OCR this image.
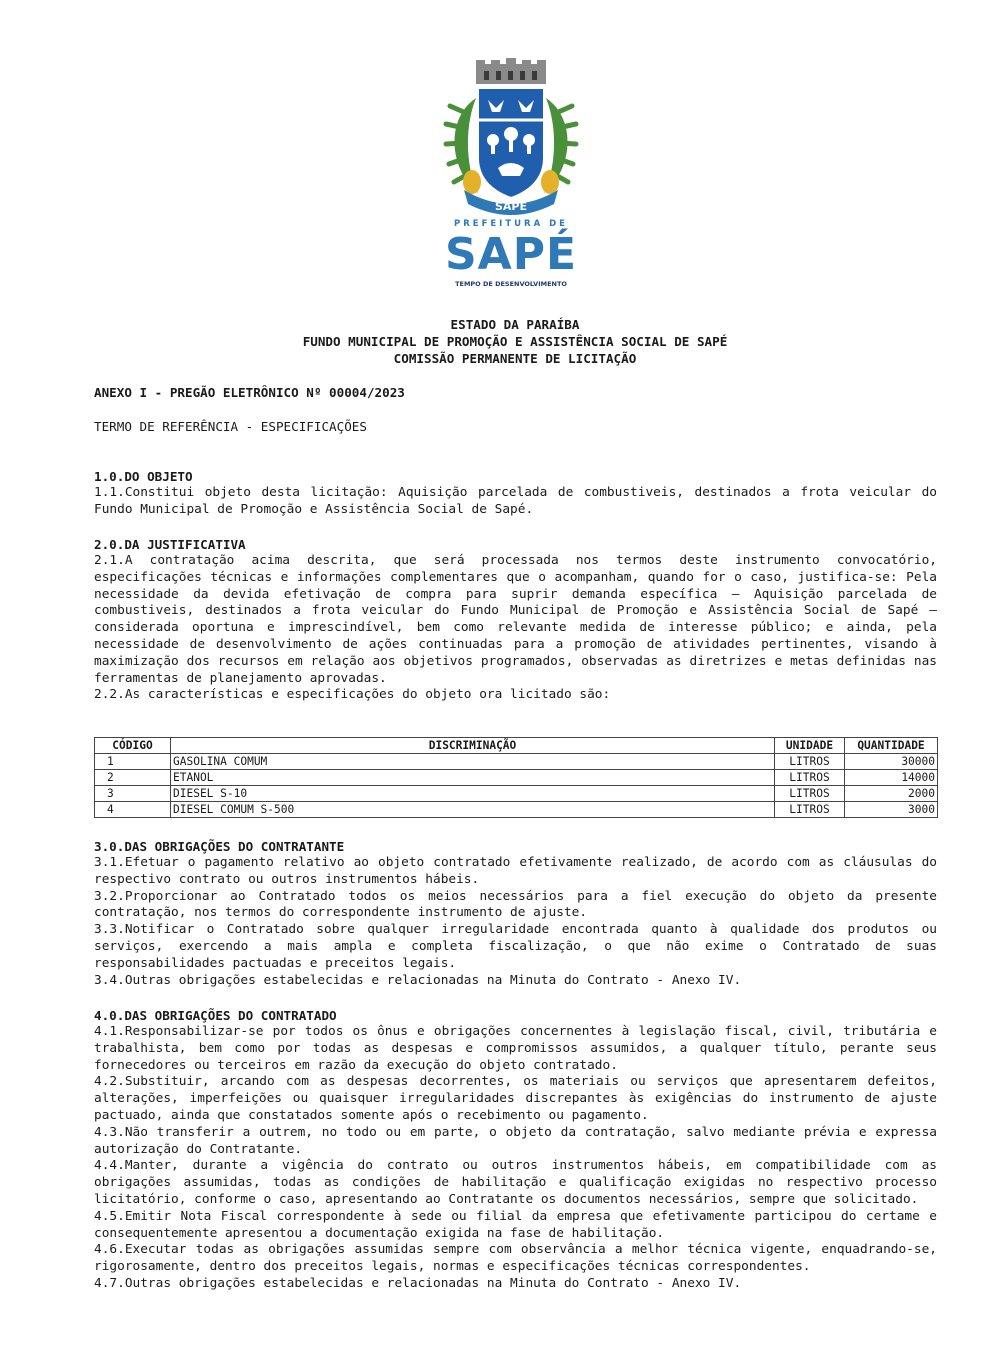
SAPÉ
PREFEITURA DE
SAPÉ
TEMPO DE DESENVOLVIMENTO
ESTADO DA PARAÍBA
FUNDO MUNICIPAL DE PROMOÇÃO E ASSISTÊNCIA SOCIAL DE SAPÉ
COMISSÃO PERMANENTE DE LICITAÇÃO
ANEXO I - PREGÃO ELETRÔNICO Nº 00004/2023
TERMO DE REFERÊNCIA - ESPECIFICAÇÕES
1.0.DO OBJETO

1.1.Constitui objeto desta licitação: Aquisição parcelada de combustiveis, destinados a frota veicular do Fundo Municipal de Promoção e Assistência Social de Sapé.

2.0.DA JUSTIFICATIVA

2.1.A contratação acima descrita, que será processada nos termos deste instrumento convocatório, especificações técnicas e informações complementares que o acompanham, quando for o caso, justifica-se: Pela necessidade da devida efetivação de compra para suprir demanda específica – Aquisição parcelada de combustiveis, destinados a frota veicular do Fundo Municipal de Promoção e Assistência Social de Sapé – considerada oportuna e imprescindível, bem como relevante medida de interesse público; e ainda, pela necessidade de desenvolvimento de ações continuadas para a promoção de atividades pertinentes, visando à maximização dos recursos em relação aos objetivos programados, observadas as diretrizes e metas definidas nas ferramentas de planejamento aprovadas.

2.2.As características e especificações do objeto ora licitado são:

CÓDIGO	DISCRIMINAÇÃO	UNIDADE	QUANTIDADE
1	GASOLINA COMUM	LITROS	30000
2	ETANOL	LITROS	14000
3	DIESEL S-10	LITROS	2000
4	DIESEL COMUM S-500	LITROS	3000
3.0.DAS OBRIGAÇÕES DO CONTRATANTE

3.1.Efetuar o pagamento relativo ao objeto contratado efetivamente realizado, de acordo com as cláusulas do respectivo contrato ou outros instrumentos hábeis.

3.2.Proporcionar ao Contratado todos os meios necessários para a fiel execução do objeto da presente contratação, nos termos do correspondente instrumento de ajuste.

3.3.Notificar o Contratado sobre qualquer irregularidade encontrada quanto à qualidade dos produtos ou serviços, exercendo a mais ampla e completa fiscalização, o que não exime o Contratado de suas responsabilidades pactuadas e preceitos legais.

3.4.Outras obrigações estabelecidas e relacionadas na Minuta do Contrato - Anexo IV.

4.0.DAS OBRIGAÇÕES DO CONTRATADO

4.1.Responsabilizar-se por todos os ônus e obrigações concernentes à legislação fiscal, civil, tributária e trabalhista, bem como por todas as despesas e compromissos assumidos, a qualquer título, perante seus fornecedores ou terceiros em razão da execução do objeto contratado.

4.2.Substituir, arcando com as despesas decorrentes, os materiais ou serviços que apresentarem defeitos, alterações, imperfeições ou quaisquer irregularidades discrepantes às exigências do instrumento de ajuste pactuado, ainda que constatados somente após o recebimento ou pagamento.

4.3.Não transferir a outrem, no todo ou em parte, o objeto da contratação, salvo mediante prévia e expressa autorização do Contratante.

4.4.Manter, durante a vigência do contrato ou outros instrumentos hábeis, em compatibilidade com as obrigações assumidas, todas as condições de habilitação e qualificação exigidas no respectivo processo licitatório, conforme o caso, apresentando ao Contratante os documentos necessários, sempre que solicitado.

4.5.Emitir Nota Fiscal correspondente à sede ou filial da empresa que efetivamente participou do certame e consequentemente apresentou a documentação exigida na fase de habilitação.

4.6.Executar todas as obrigações assumidas sempre com observância a melhor técnica vigente, enquadrando-se, rigorosamente, dentro dos preceitos legais, normas e especificações técnicas correspondentes.

4.7.Outras obrigações estabelecidas e relacionadas na Minuta do Contrato - Anexo IV.
